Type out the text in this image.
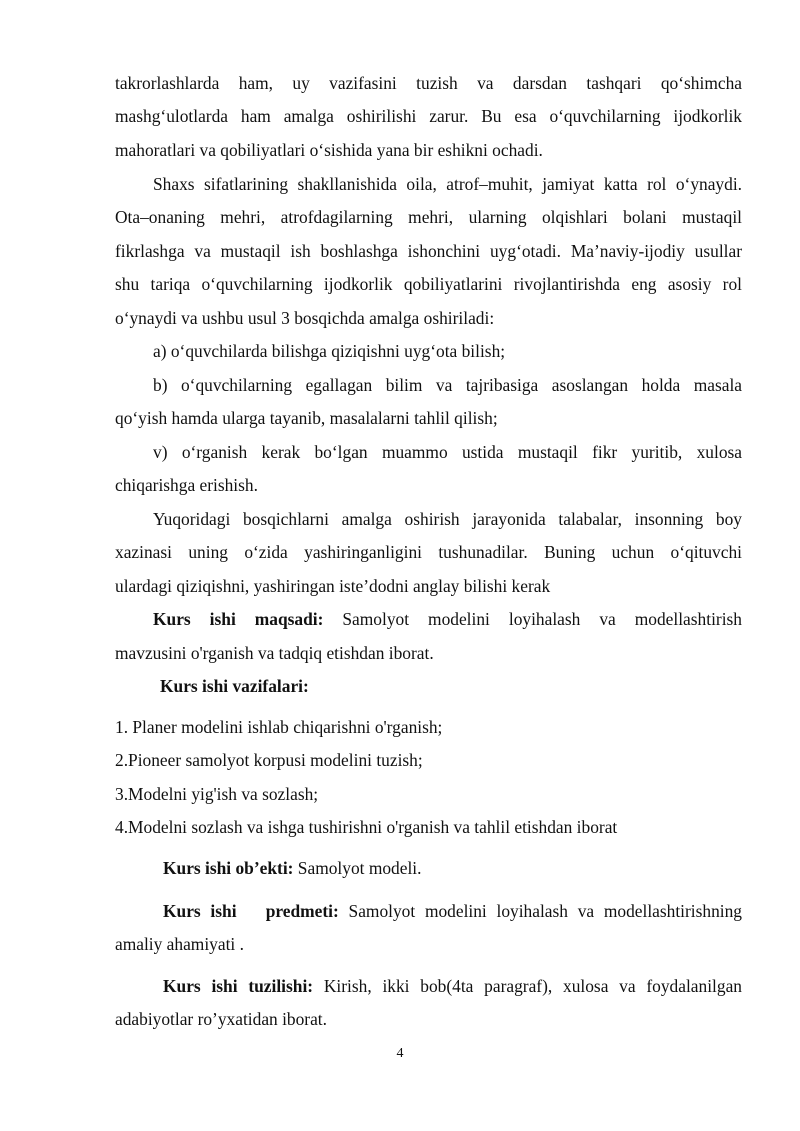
takrorlashlarda ham, uy vazifasini tuzish va darsdan tashqari qo‘shimcha
mashg‘ulotlarda ham amalga oshirilishi zarur. Bu esa o‘quvchilarning ijodkorlik
mahoratlari va qobiliyatlari o‘sishida yana bir eshikni ochadi.
Shaxs sifatlarining shakllanishida oila, atrof–muhit, jamiyat katta rol o‘ynaydi.
Ota–onaning mehri, atrofdagilarning mehri, ularning olqishlari bolani mustaqil
fikrlashga va mustaqil ish boshlashga ishonchini uyg‘otadi. Ma’naviy-ijodiy usullar
shu tariqa o‘quvchilarning ijodkorlik qobiliyatlarini rivojlantirishda eng asosiy rol
o‘ynaydi va ushbu usul 3 bosqichda amalga oshiriladi:
a) o‘quvchilarda bilishga qiziqishni uyg‘ota bilish;
b) o‘quvchilarning egallagan bilim va tajribasiga asoslangan holda masala
qo‘yish hamda ularga tayanib, masalalarni tahlil qilish;
v) o‘rganish kerak bo‘lgan muammo ustida mustaqil fikr yuritib, xulosa
chiqarishga erishish.
Yuqoridagi bosqichlarni amalga oshirish jarayonida talabalar, insonning boy
xazinasi uning o‘zida yashiringanligini tushunadilar. Buning uchun o‘qituvchi
ulardagi qiziqishni, yashiringan iste’dodni anglay bilishi kerak
Kurs ishi maqsadi: Samolyot modelini loyihalash va modellashtirish
mavzusini o'rganish va tadqiq etishdan iborat.
Kurs ishi vazifalari:
1. Planer modelini ishlab chiqarishni o'rganish;
2.Pioneer samolyot korpusi modelini tuzish;
3.Modelni yig'ish va sozlash;
4.Modelni sozlash va ishga tushirishni o'rganish va tahlil etishdan iborat
Kurs ishi ob’ekti: Samolyot modeli.
Kurs ishi   predmeti: Samolyot modelini loyihalash va modellashtirishning
amaliy ahamiyati .
Kurs ishi tuzilishi: Kirish, ikki bob(4ta paragraf), xulosa va foydalanilgan
adabiyotlar ro’yxatidan iborat.
4
